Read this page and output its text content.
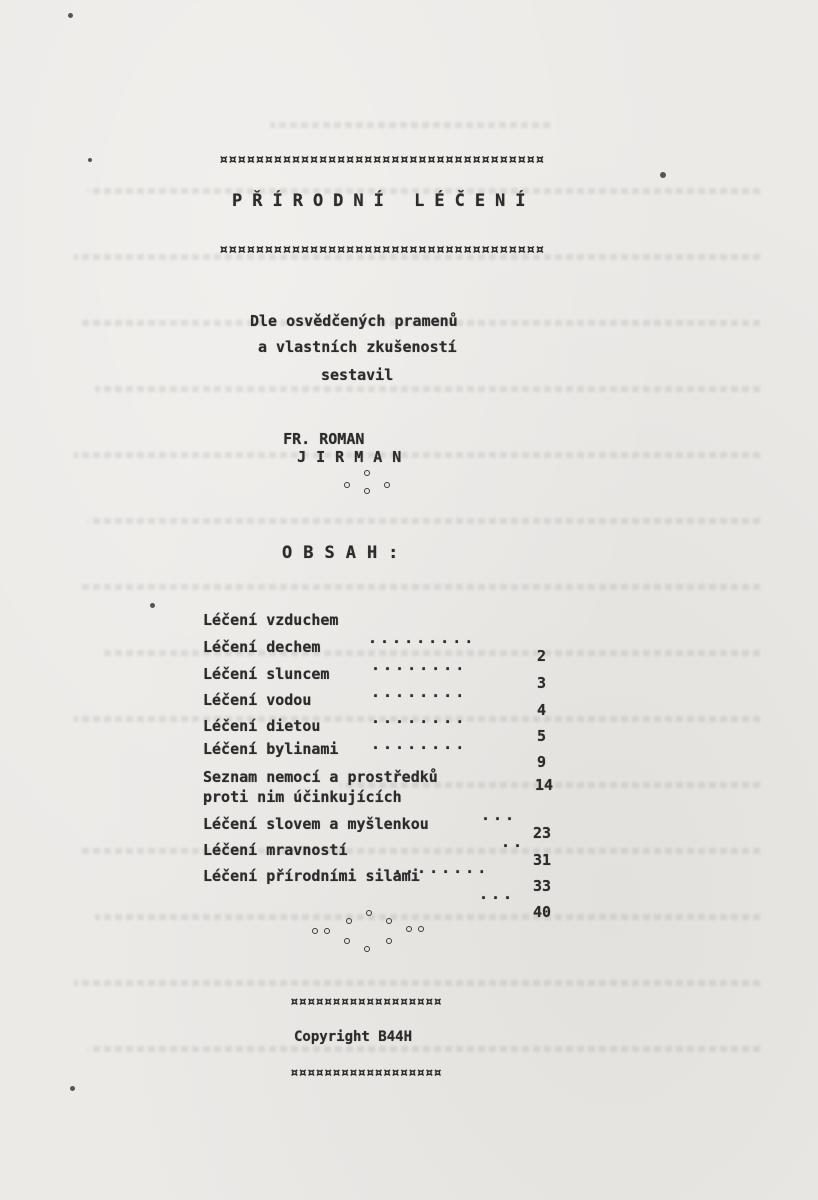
¤¤¤¤¤¤¤¤¤¤¤¤¤¤¤¤¤¤¤¤¤¤¤¤¤¤¤¤¤¤¤¤¤¤¤¤
PŘÍRODNÍ LÉČENÍ
¤¤¤¤¤¤¤¤¤¤¤¤¤¤¤¤¤¤¤¤¤¤¤¤¤¤¤¤¤¤¤¤¤¤¤¤
Dle osvědčených pramenů
a vlastních zkušeností
sestavil

FR. ROMAN
JIRMAN

OBSAH:

Léčení vzduchem

.........

2

Léčení dechem

........

3

Léčení sluncem

........

4

Léčení vodou

........

5

Léčení dietou

........

9

Léčení bylinami

14

Seznam nemocí a prostředků

proti nim účinkujících

...

23

Léčení slovem a myšlenkou

..

31

Léčení mravností

........

33

Léčení přírodními silami

...

40

¤¤¤¤¤¤¤¤¤¤¤¤¤¤¤¤¤¤
Copyright B44H
¤¤¤¤¤¤¤¤¤¤¤¤¤¤¤¤¤¤
